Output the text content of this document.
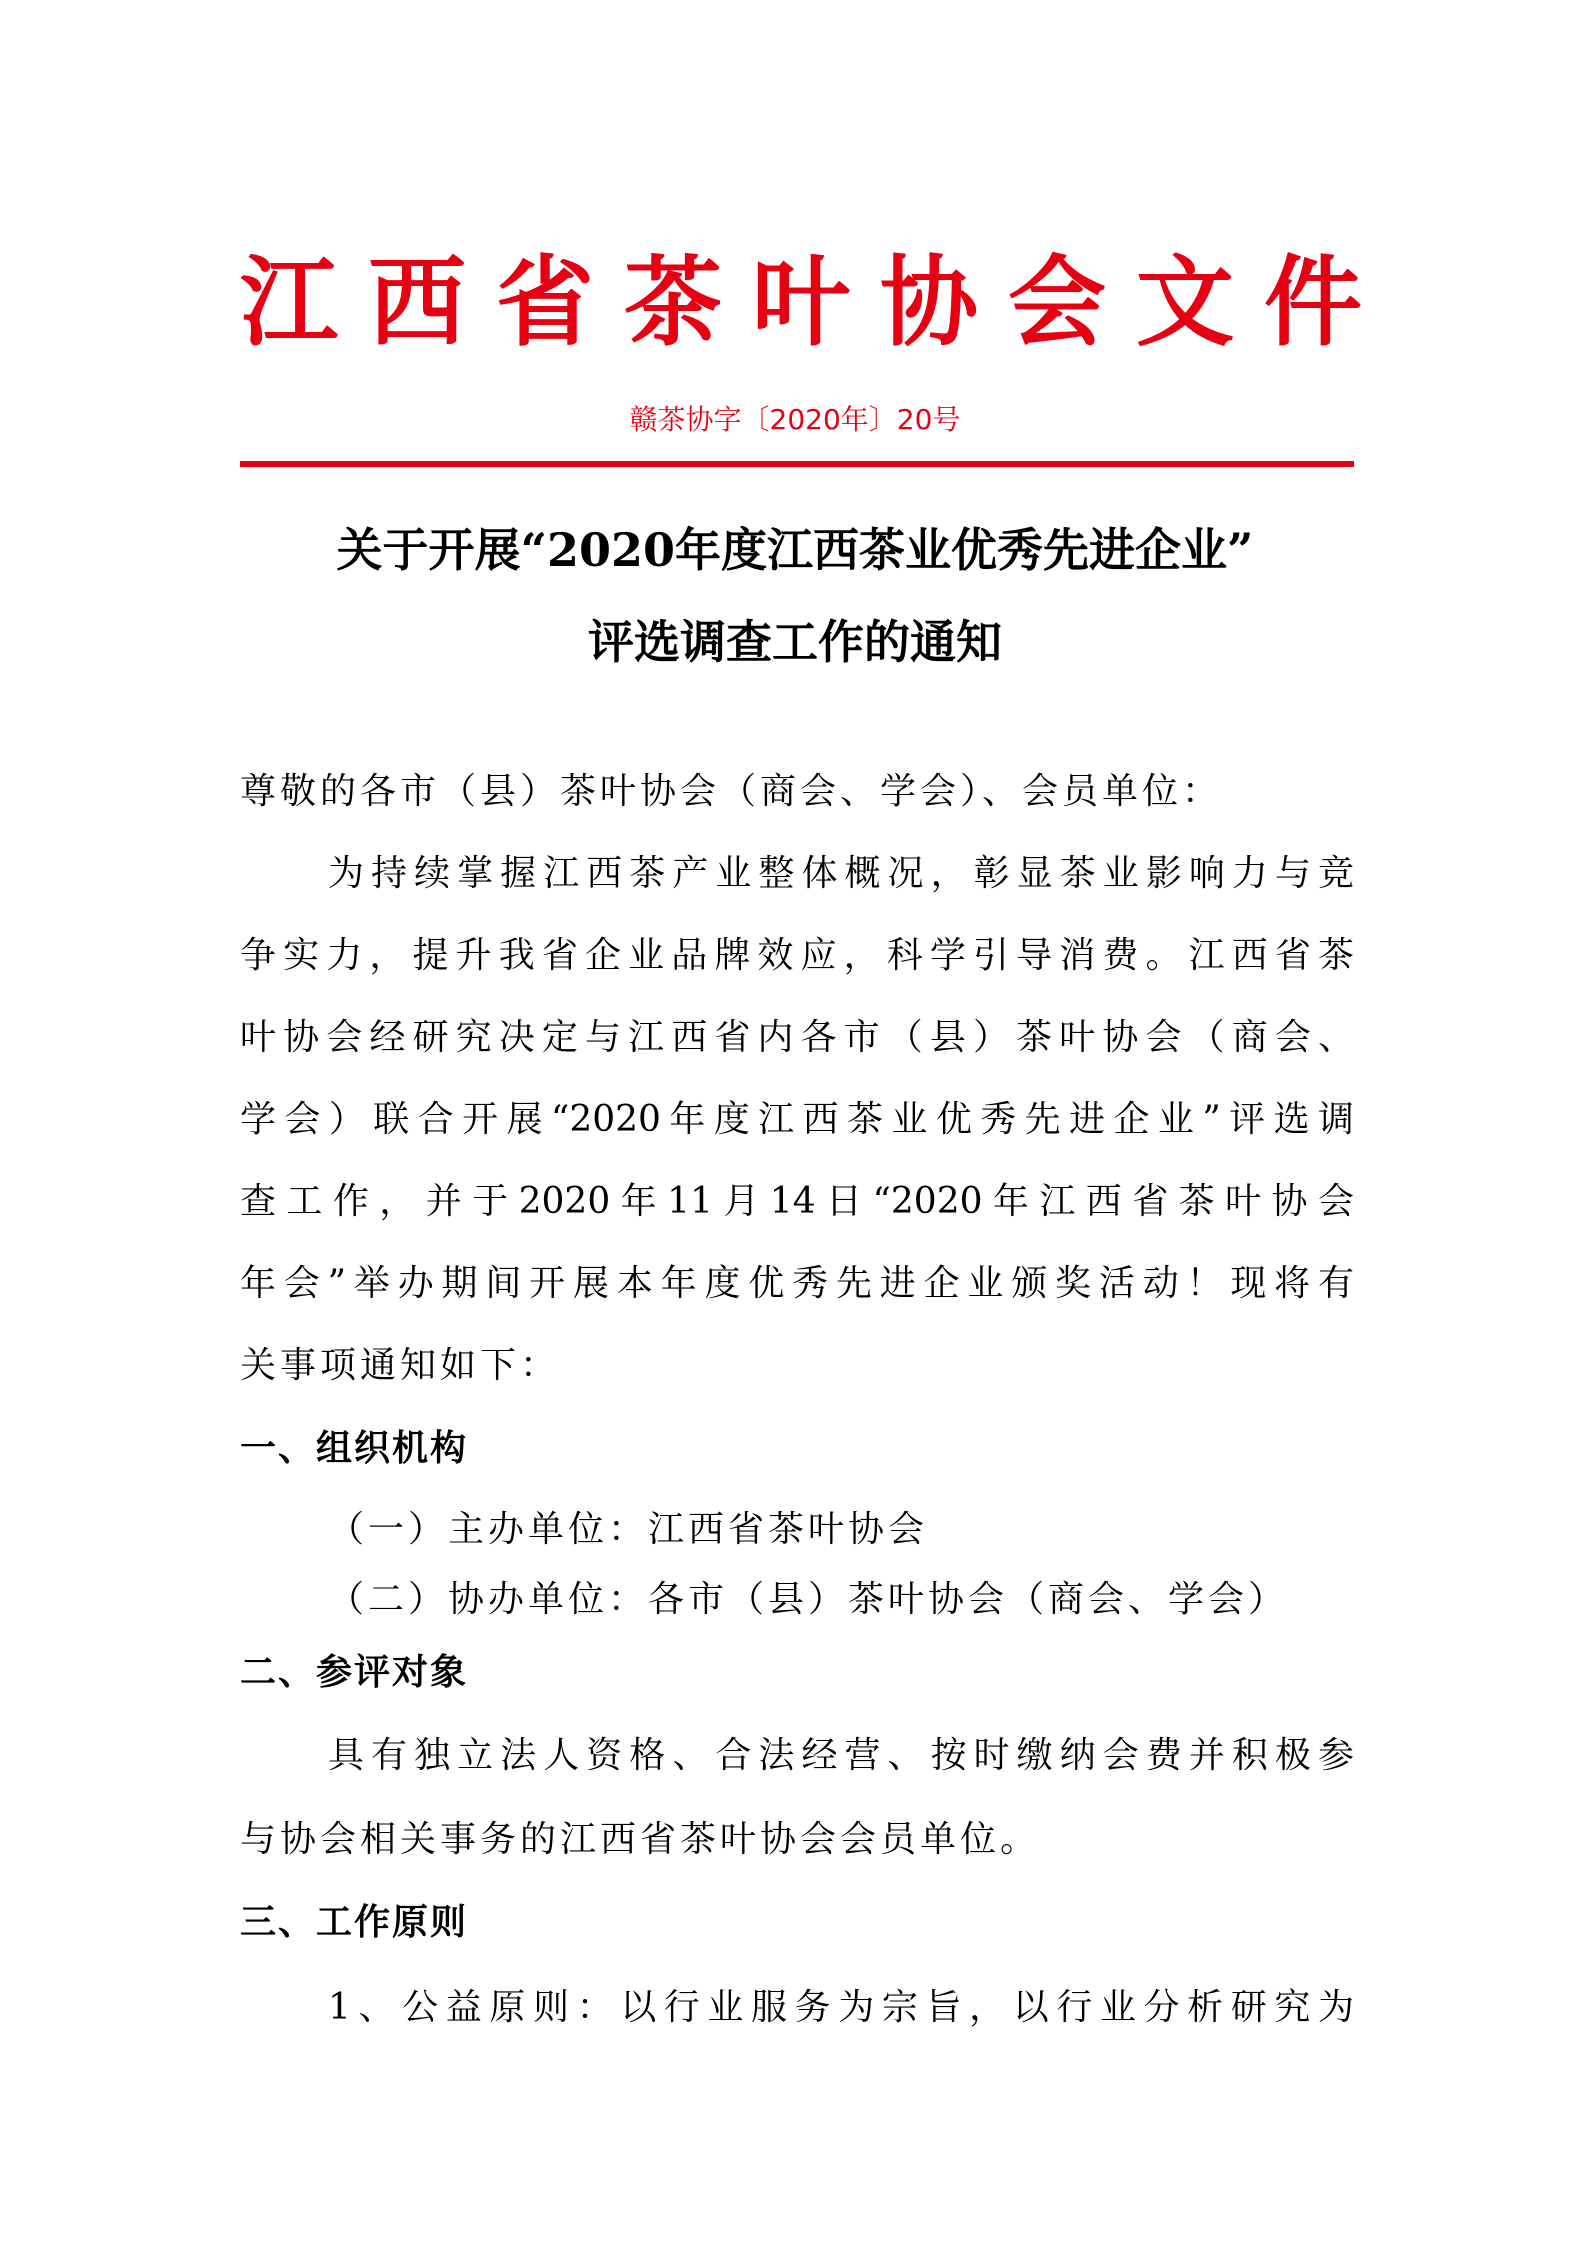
江西省茶叶协会文件
赣茶协字〔2020年〕20号
关于开展“2020年度江西茶业优秀先进企业”
评选调查工作的通知
尊敬的各市（县）茶叶协会（商会、学会）、会员单位：
为持续掌握江西茶产业整体概况，彰显茶业影响力与竞
争实力，提升我省企业品牌效应，科学引导消费。江西省茶
叶协会经研究决定与江西省内各市（县）茶叶协会（商会、
学会）联合开展“2020年度江西茶业优秀先进企业”评选调
查工作，并于2020年11月14日“2020年江西省茶叶协会
年会”举办期间开展本年度优秀先进企业颁奖活动！现将有
关事项通知如下：
一、组织机构
（一）主办单位：江西省茶叶协会
（二）协办单位：各市（县）茶叶协会（商会、学会）
二、参评对象
具有独立法人资格、合法经营、按时缴纳会费并积极参
与协会相关事务的江西省茶叶协会会员单位。
三、工作原则
1、公益原则：以行业服务为宗旨，以行业分析研究为
